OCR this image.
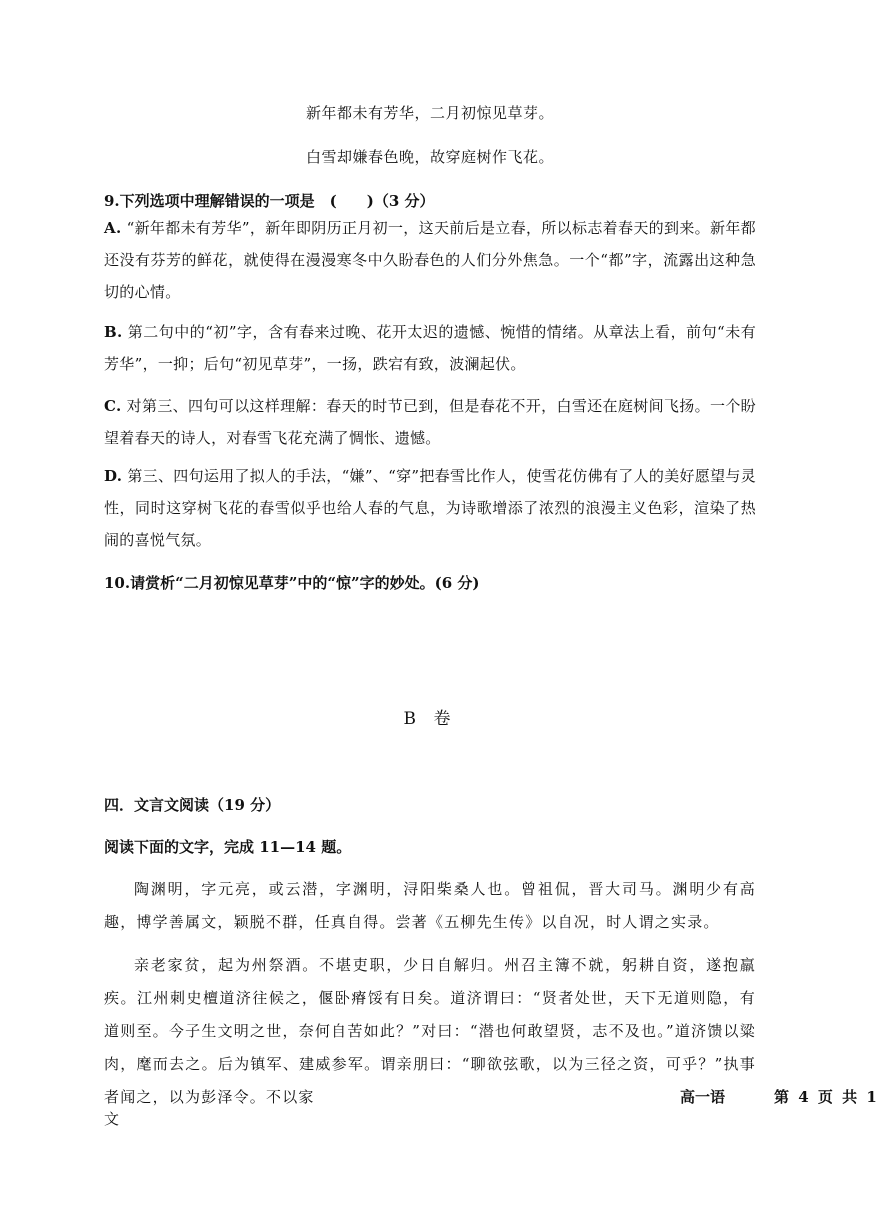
新年都未有芳华，二月初惊见草芽。
白雪却嫌春色晚，故穿庭树作飞花。
9.下列选项中理解错误的一项是　(　　)（3 分）
A. “新年都未有芳华”，新年即阴历正月初一，这天前后是立春，所以标志着春天的到来。新年都还没有芬芳的鲜花，就使得在漫漫寒冬中久盼春色的人们分外焦急。一个“都”字，流露出这种急切的心情。
B. 第二句中的“初”字，含有春来过晚、花开太迟的遗憾、惋惜的情绪。从章法上看，前句“未有芳华”，一抑；后句“初见草芽”，一扬，跌宕有致，波澜起伏。
C. 对第三、四句可以这样理解：春天的时节已到，但是春花不开，白雪还在庭树间飞扬。一个盼望着春天的诗人，对春雪飞花充满了惆怅、遗憾。
D. 第三、四句运用了拟人的手法，“嫌”、“穿”把春雪比作人，使雪花仿佛有了人的美好愿望与灵性，同时这穿树飞花的春雪似乎也给人春的气息，为诗歌增添了浓烈的浪漫主义色彩，渲染了热闹的喜悦气氛。
10.请赏析“二月初惊见草芽”中的“惊”字的妙处。(6 分)
B 卷
四．文言文阅读（19 分）
阅读下面的文字，完成 11—14 题。
陶渊明，字元亮，或云潜，字渊明，浔阳柴桑人也。曾祖侃，晋大司马。渊明少有高趣，博学善属文，颖脱不群，任真自得。尝著《五柳先生传》以自况，时人谓之实录。
亲老家贫，起为州祭酒。不堪吏职，少日自解归。州召主簿不就，躬耕自资，遂抱羸疾。江州刺史檀道济往候之，偃卧瘠馁有日矣。道济谓曰：“贤者处世，天下无道则隐，有道则至。今子生文明之世，奈何自苦如此？”对曰：“潜也何敢望贤，志不及也。”道济馈以粱肉，麾而去之。后为镇军、建威参军。谓亲朋曰：“聊欲弦歌，以为三径之资，可乎？”执事者闻之，以为彭泽令。不以家	高一语	第 4 页 共 1
文
